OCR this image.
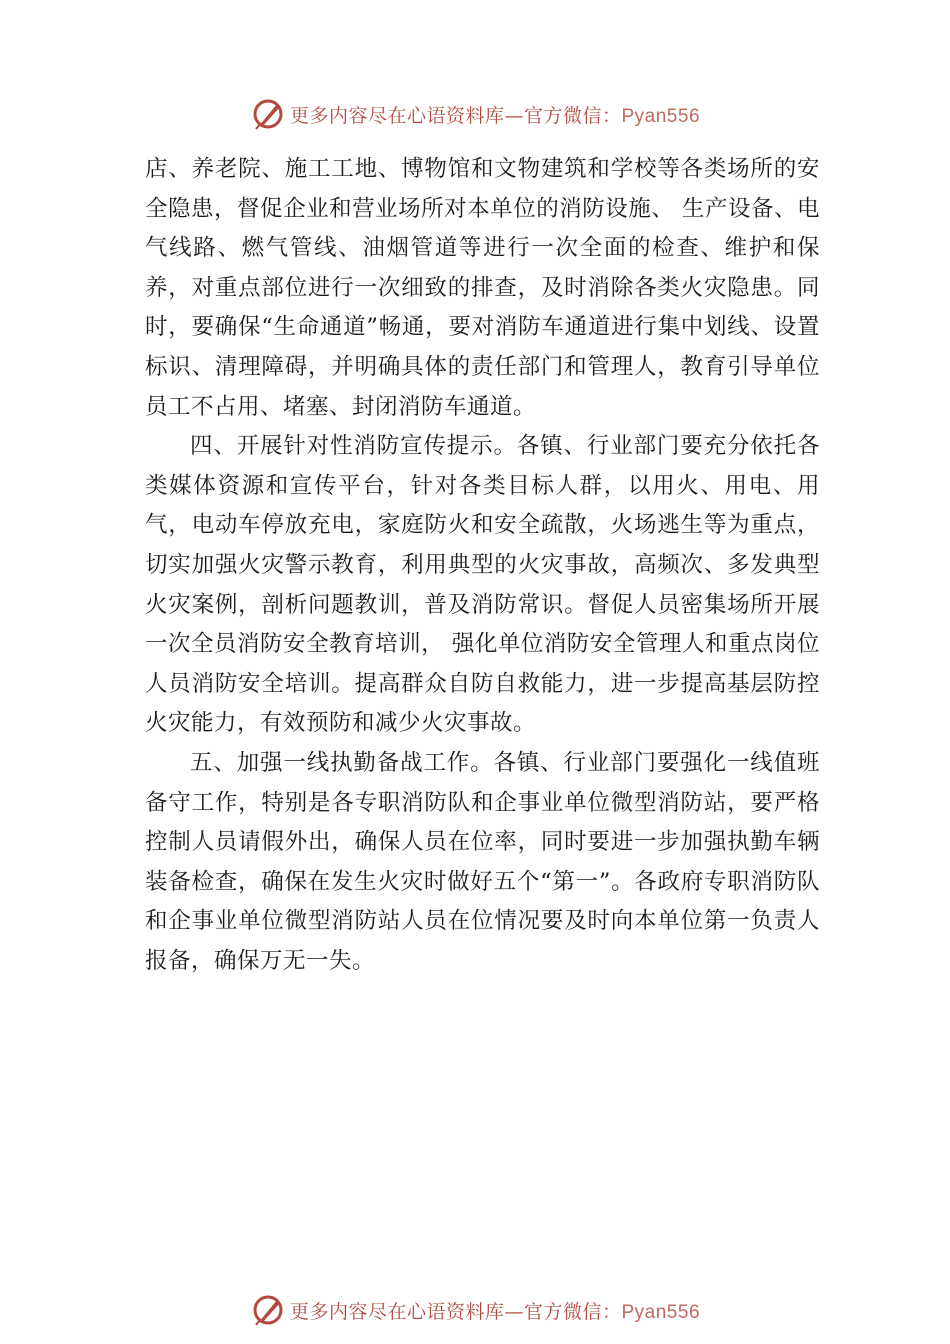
更多内容尽在心语资料库—官方微信：Pyan556

店、养老院、施工工地、博物馆和文物建筑和学校等各类场所的安全隐患，督促企业和营业场所对本单位的消防设施、 生产设备、电气线路、燃气管线、油烟管道等进行一次全面的检查、维护和保养，对重点部位进行一次细致的排查，及时消除各类火灾隐患。同时，要确保“生命通道”畅通，要对消防车通道进行集中划线、设置标识、清理障碍，并明确具体的责任部门和管理人，教育引导单位员工不占用、堵塞、封闭消防车通道。

四、开展针对性消防宣传提示。各镇、行业部门要充分依托各类媒体资源和宣传平台，针对各类目标人群，以用火、用电、用气，电动车停放充电，家庭防火和安全疏散，火场逃生等为重点，切实加强火灾警示教育，利用典型的火灾事故，高频次、多发典型火灾案例，剖析问题教训，普及消防常识。督促人员密集场所开展一次全员消防安全教育培训， 强化单位消防安全管理人和重点岗位人员消防安全培训。提高群众自防自救能力，进一步提高基层防控火灾能力，有效预防和减少火灾事故。

五、加强一线执勤备战工作。各镇、行业部门要强化一线值班备守工作，特别是各专职消防队和企事业单位微型消防站，要严格控制人员请假外出，确保人员在位率，同时要进一步加强执勤车辆装备检查，确保在发生火灾时做好五个“第一”。各政府专职消防队和企事业单位微型消防站人员在位情况要及时向本单位第一负责人报备，确保万无一失。

更多内容尽在心语资料库—官方微信：Pyan556
